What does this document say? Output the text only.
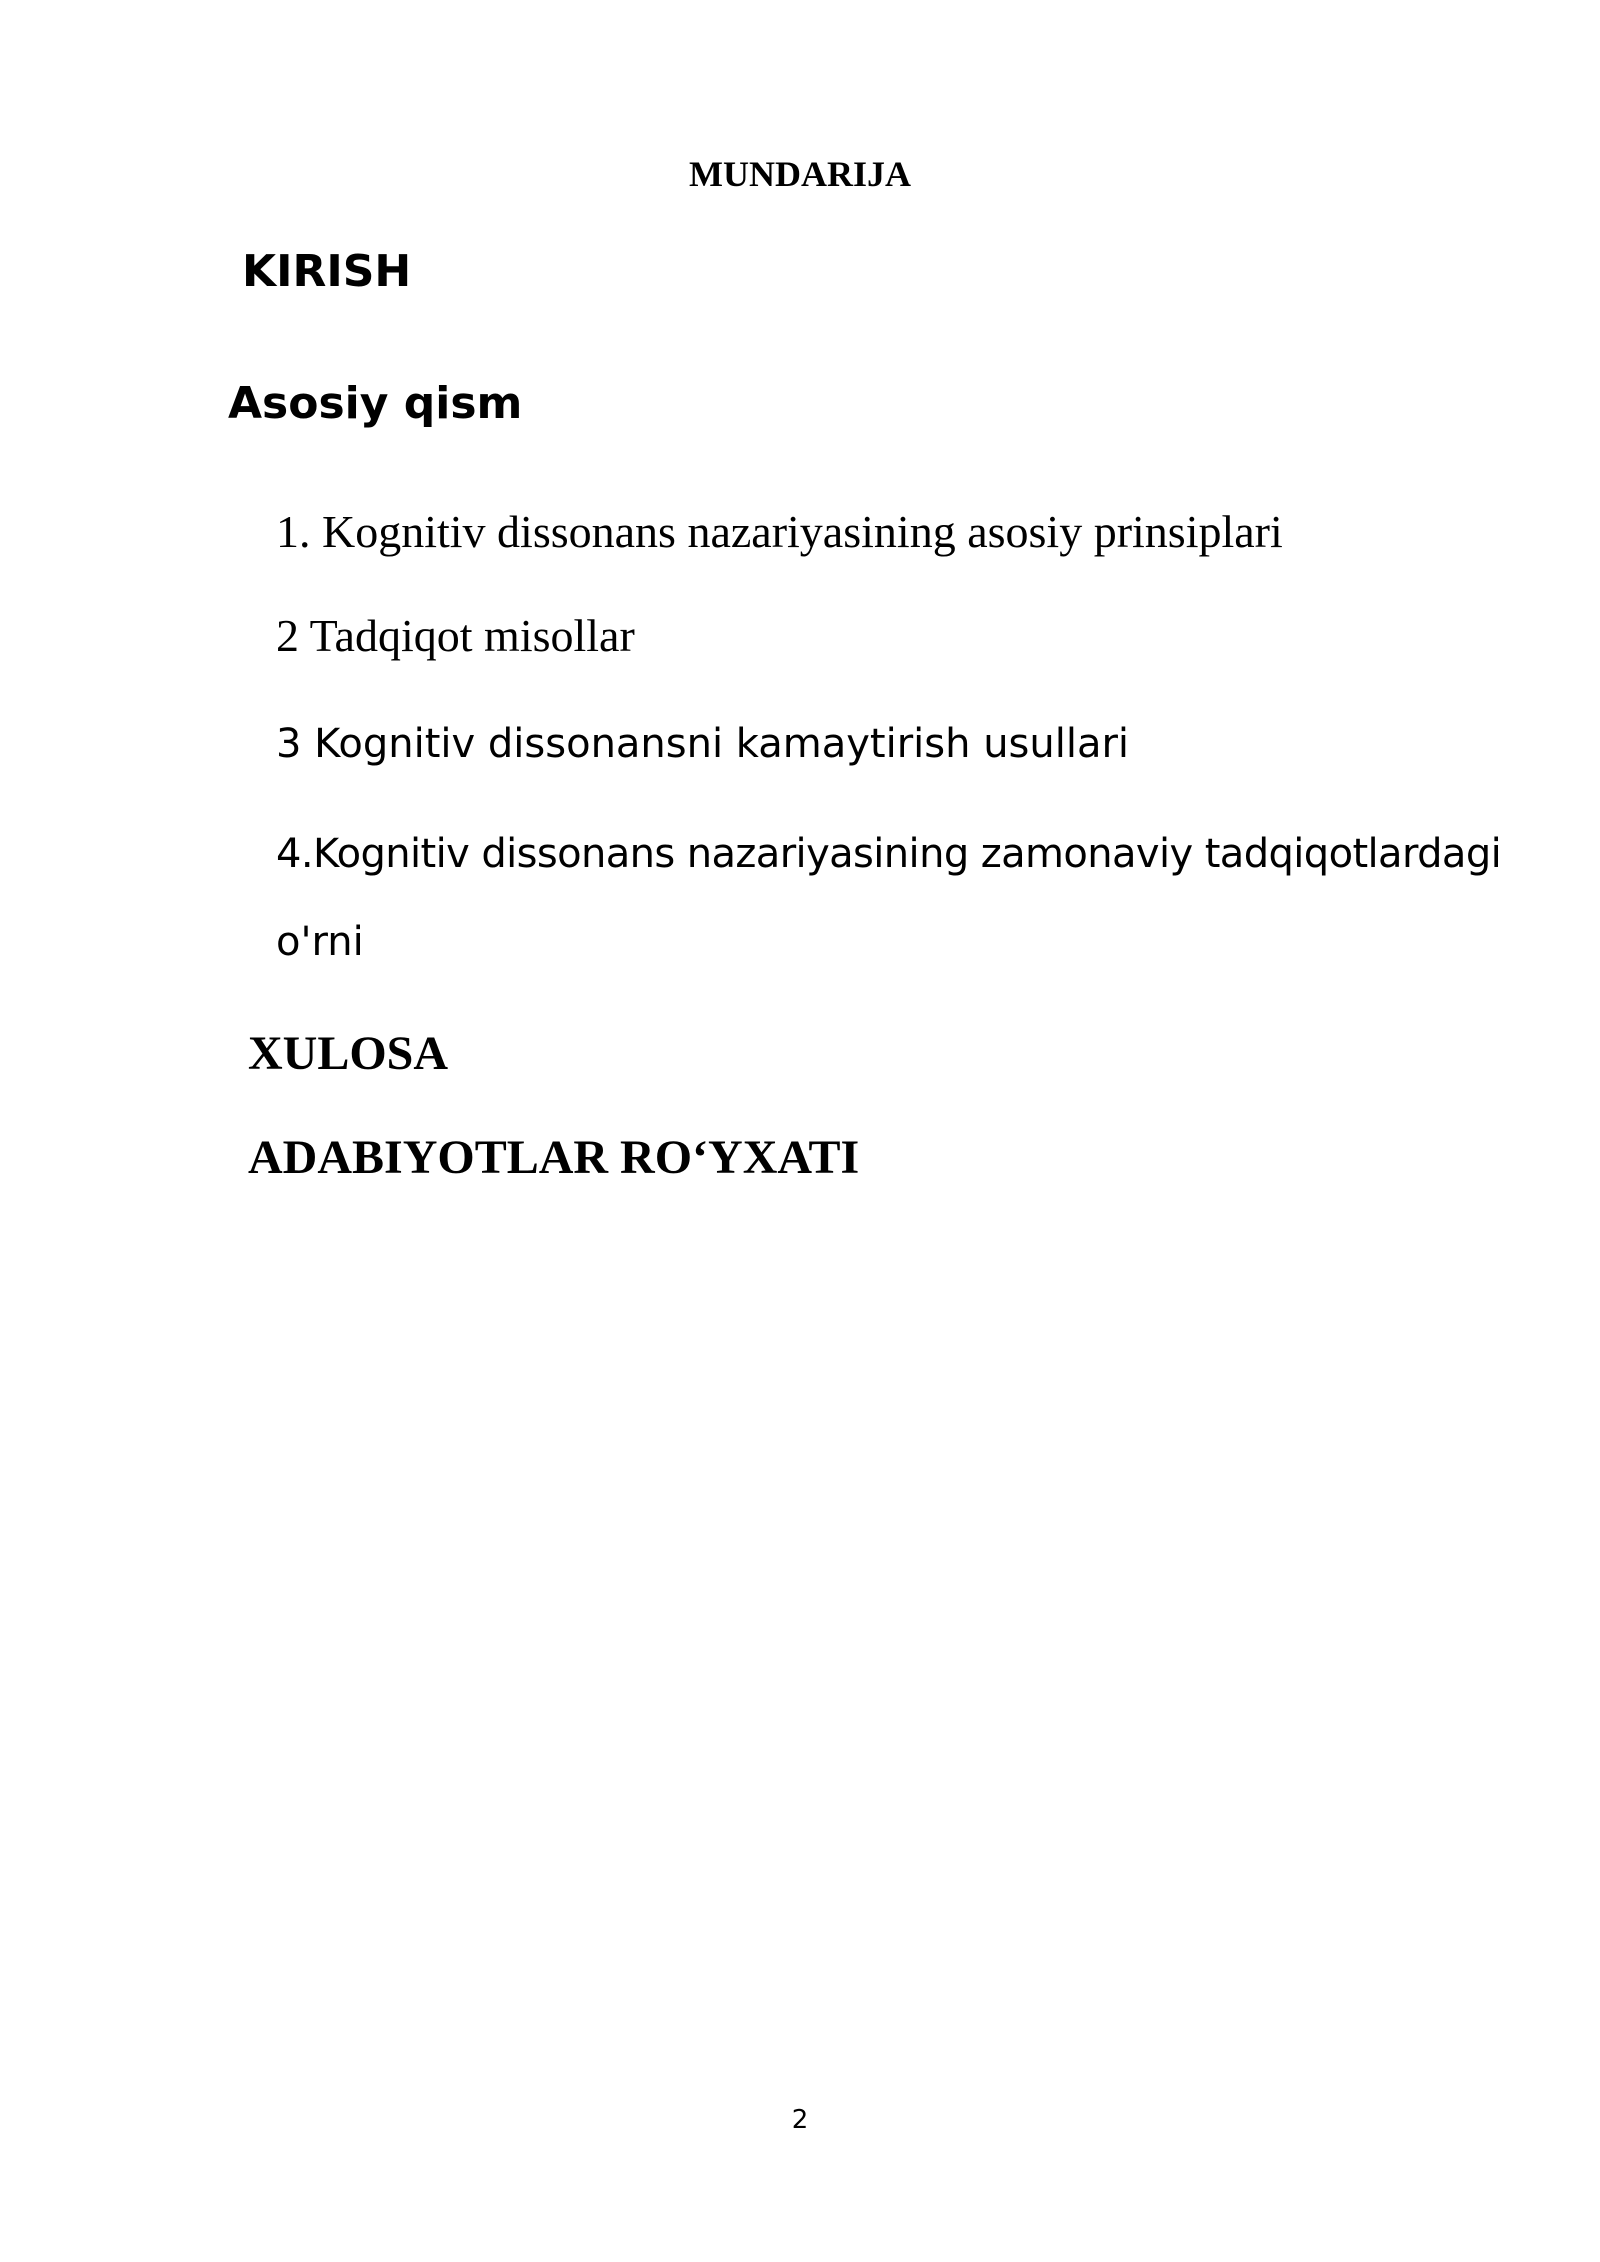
MUNDARIJA

KIRISH

Asosiy qism

1. Kognitiv dissonans nazariyasining asosiy prinsiplari

2 Tadqiqot misollar

3 Kognitiv dissonansni kamaytirish usullari

4.Kognitiv dissonans nazariyasining zamonaviy tadqiqotlardagi

o'rni

XULOSA

ADABIYOTLAR RO‘YXATI

2
